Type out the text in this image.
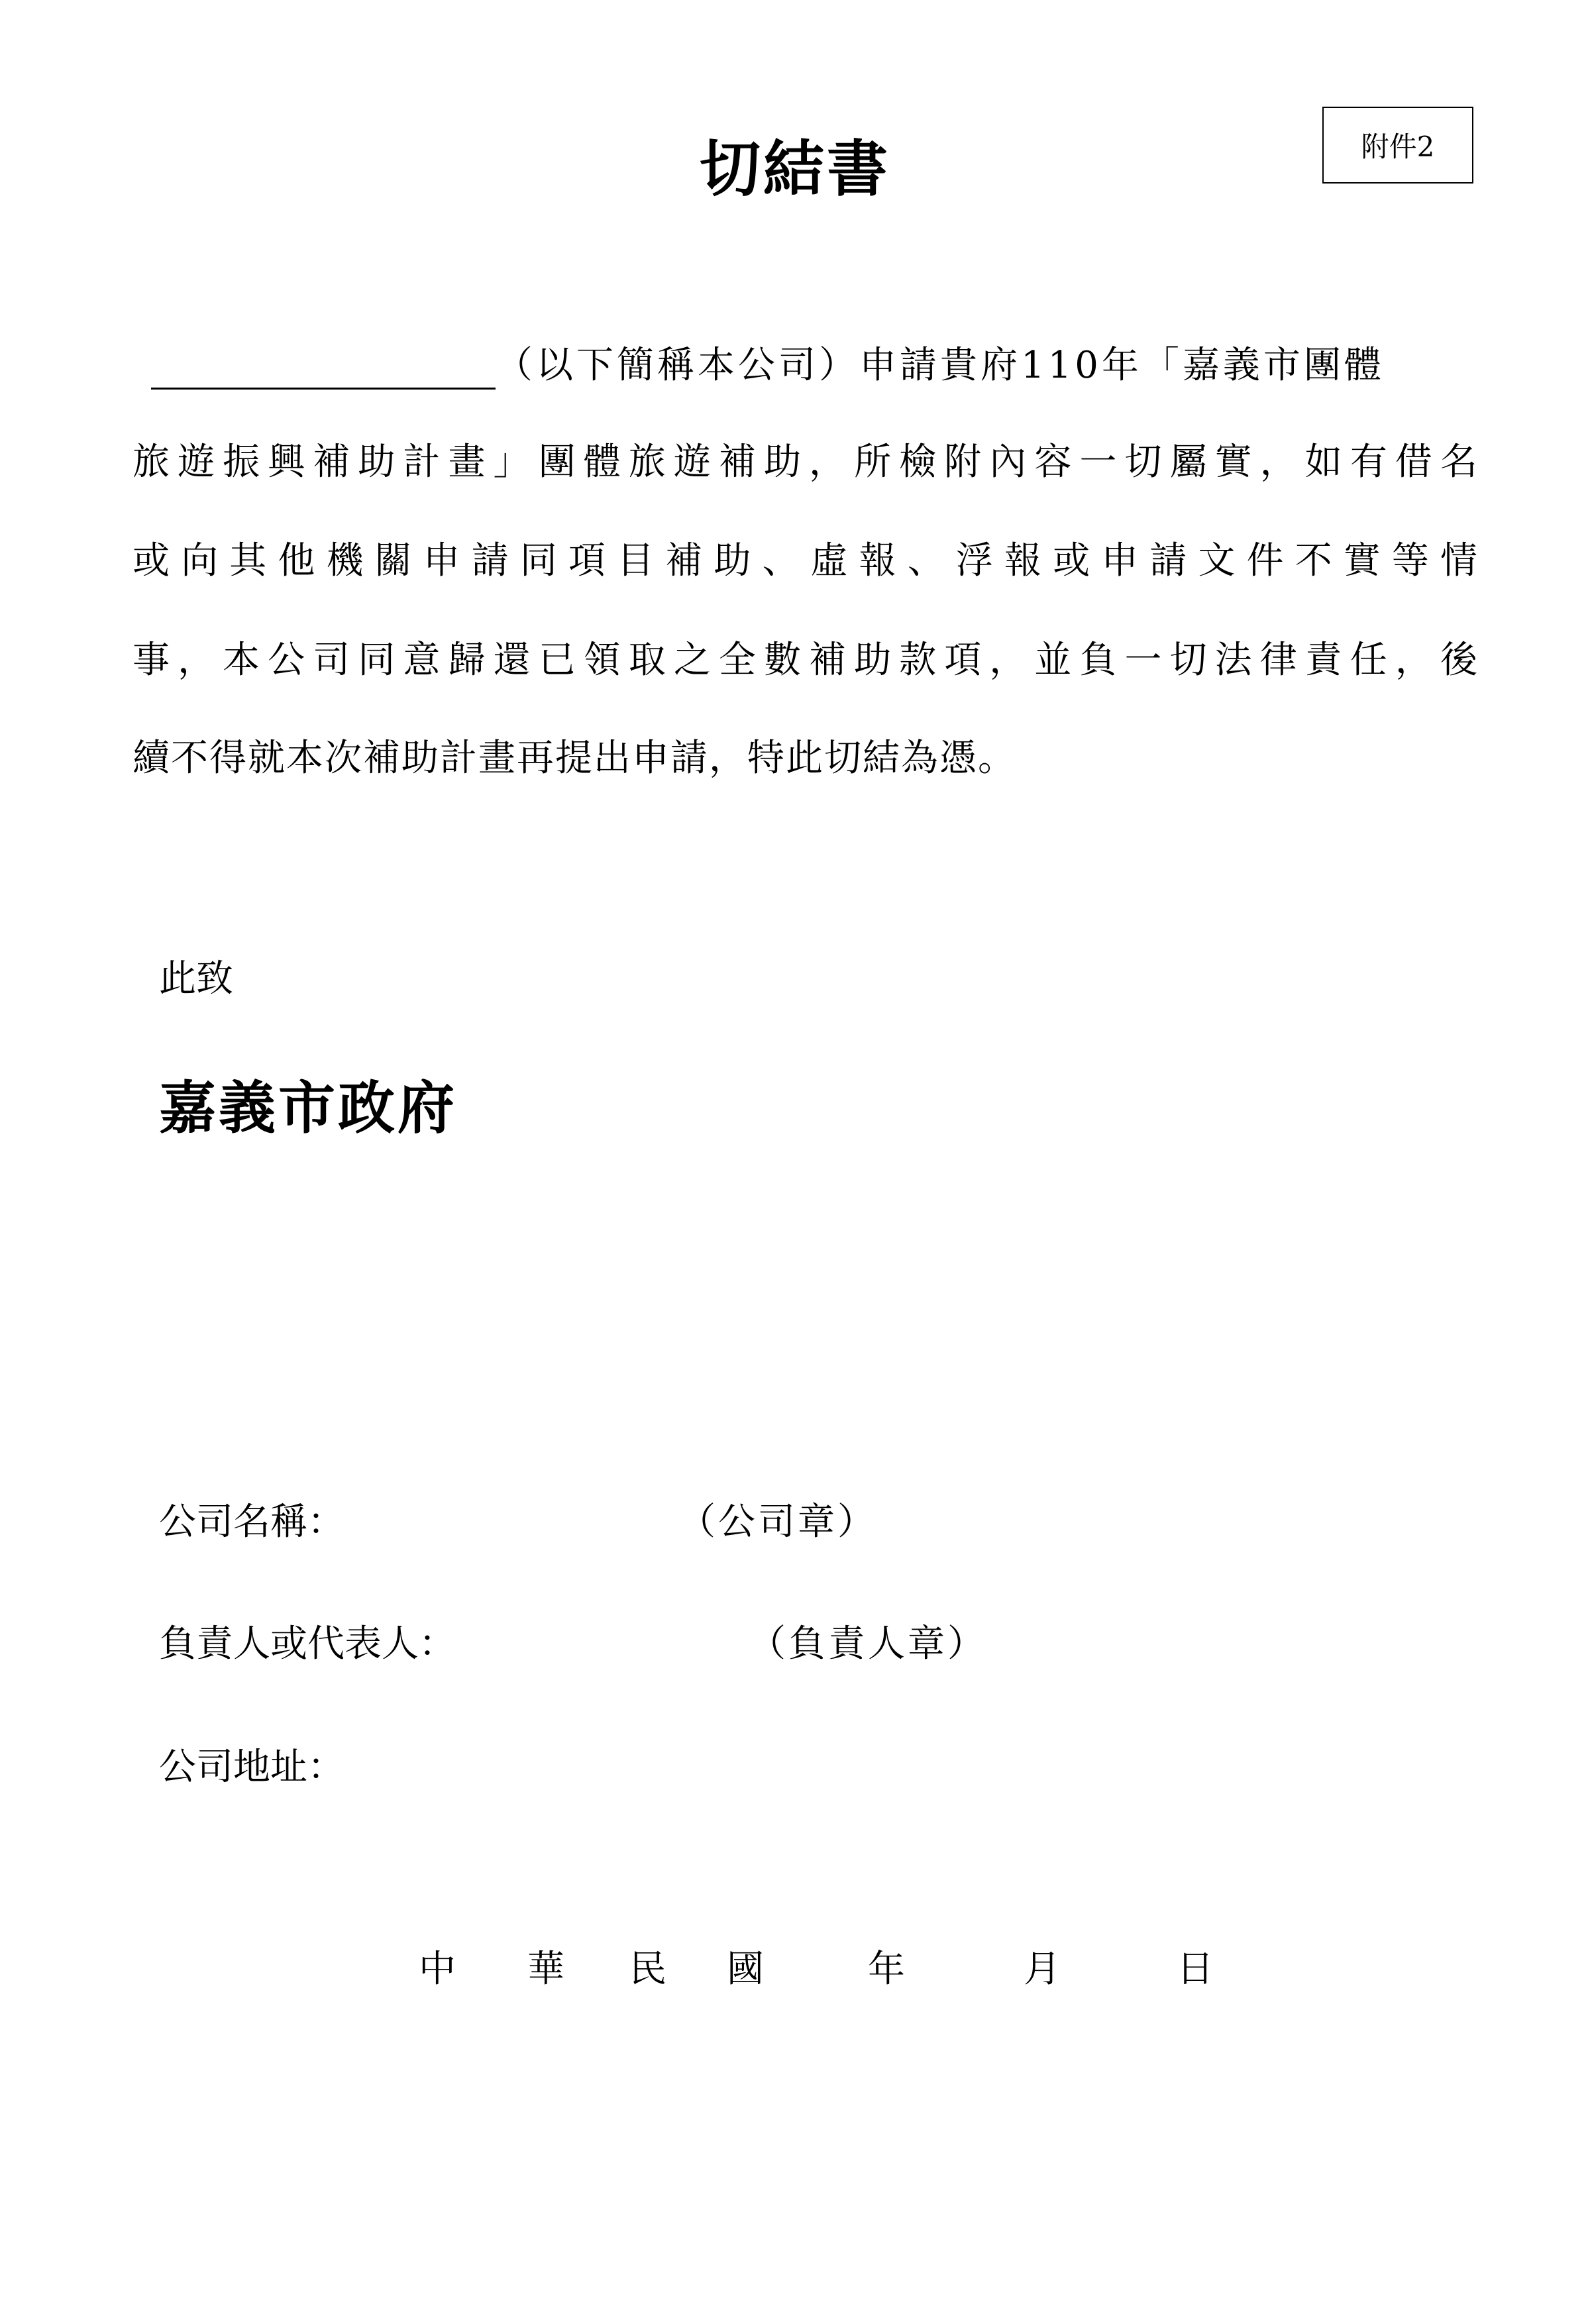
附件2
切結書
（以下簡稱本公司）申請貴府110年「嘉義市團體
旅遊振興補助計畫」團體旅遊補助，所檢附內容一切屬實，如有借名
或向其他機關申請同項目補助、虛報、浮報或申請文件不實等情
事，本公司同意歸還已領取之全數補助款項，並負一切法律責任，後
續不得就本次補助計畫再提出申請，特此切結為憑。
此致
嘉義市政府
公司名稱：	（公司章）
負責人或代表人：	（負責人章）
公司地址：
中 華 民 國	年	月	日
